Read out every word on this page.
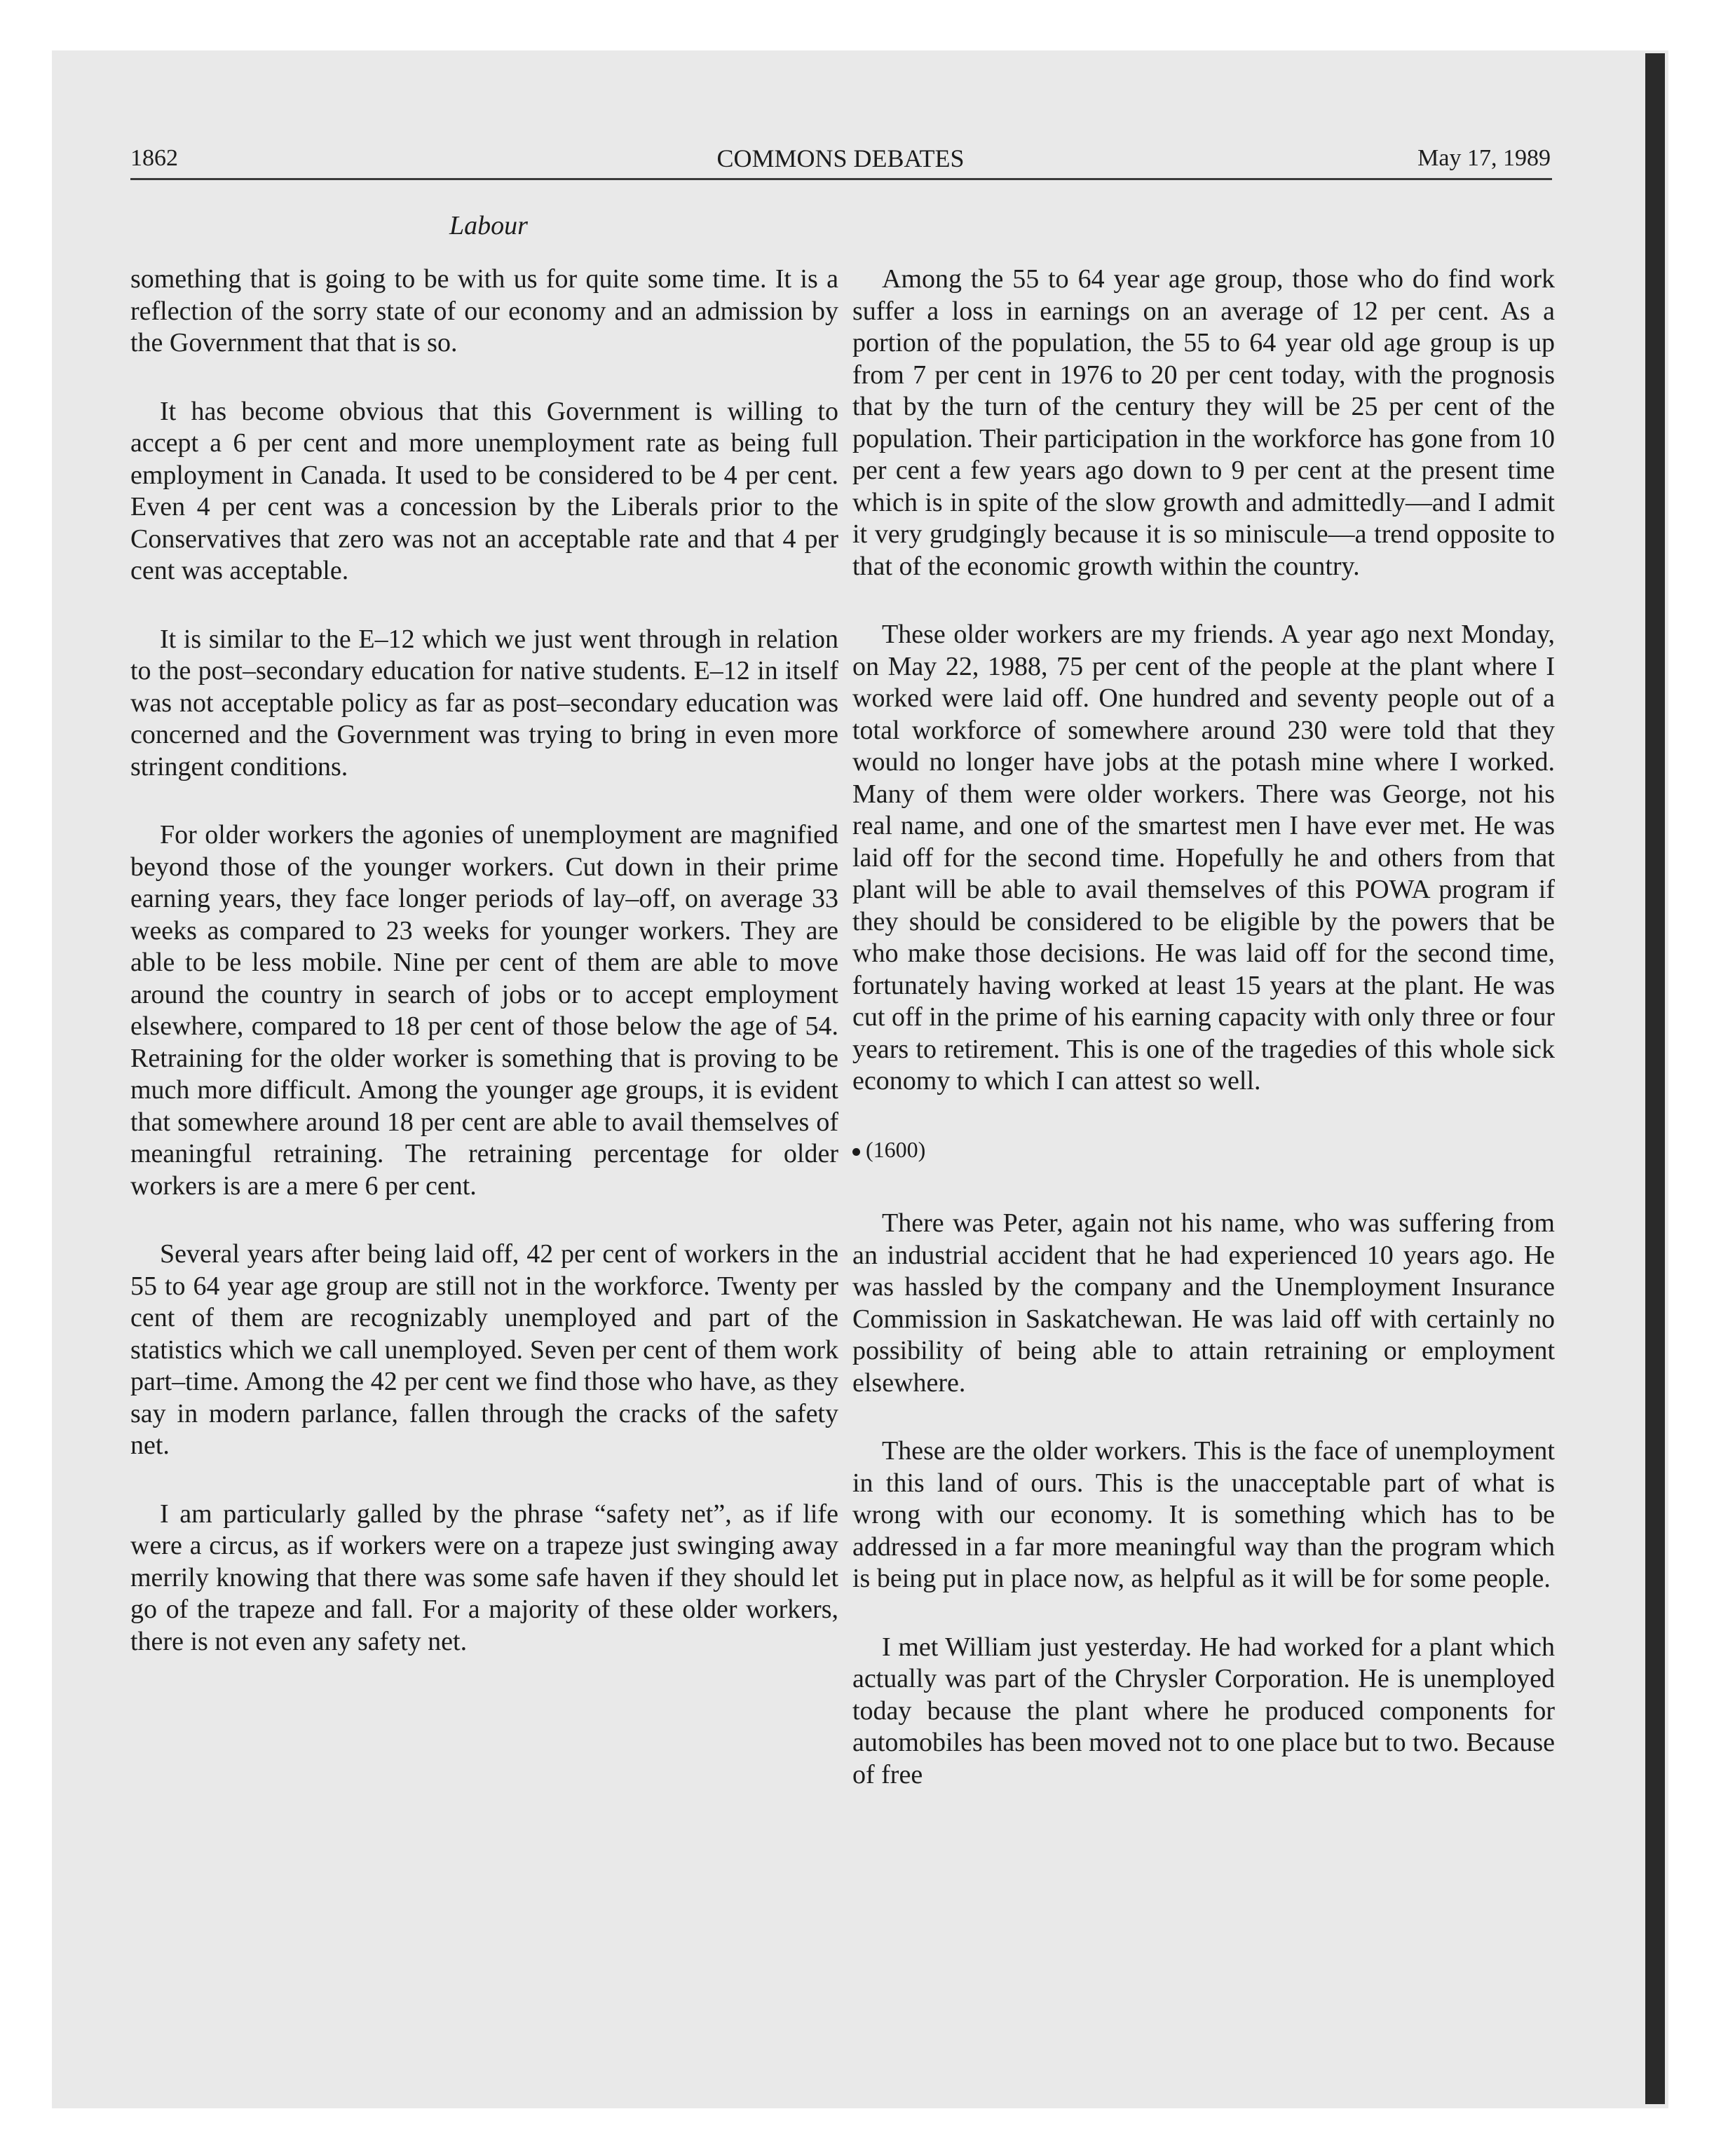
1862	COMMONS DEBATES	May 17, 1989
Labour

something that is going to be with us for quite some time. It is a reflection of the sorry state of our economy and an admission by the Government that that is so.

It has become obvious that this Government is willing to accept a 6 per cent and more unemployment rate as being full employment in Canada. It used to be considered to be 4 per cent. Even 4 per cent was a concession by the Liberals prior to the Conservatives that zero was not an acceptable rate and that 4 per cent was acceptable.

It is similar to the E–12 which we just went through in relation to the post–secondary education for native students. E–12 in itself was not acceptable policy as far as post–secondary education was concerned and the Government was trying to bring in even more stringent conditions.

For older workers the agonies of unemployment are magnified beyond those of the younger workers. Cut down in their prime earning years, they face longer periods of lay–off, on average 33 weeks as compared to 23 weeks for younger workers. They are able to be less mobile. Nine per cent of them are able to move around the country in search of jobs or to accept employment elsewhere, compared to 18 per cent of those below the age of 54. Retraining for the older worker is something that is proving to be much more difficult. Among the younger age groups, it is evident that somewhere around 18 per cent are able to avail themselves of meaningful retraining. The retraining percentage for older workers is are a mere 6 per cent.

Several years after being laid off, 42 per cent of workers in the 55 to 64 year age group are still not in the workforce. Twenty per cent of them are recognizably unemployed and part of the statistics which we call unemployed. Seven per cent of them work part–time. Among the 42 per cent we find those who have, as they say in modern parlance, fallen through the cracks of the safety net.

I am particularly galled by the phrase “safety net”, as if life were a circus, as if workers were on a trapeze just swinging away merrily knowing that there was some safe haven if they should let go of the trapeze and fall. For a majority of these older workers, there is not even any safety net.

Among the 55 to 64 year age group, those who do find work suffer a loss in earnings on an average of 12 per cent. As a portion of the population, the 55 to 64 year old age group is up from 7 per cent in 1976 to 20 per cent today, with the prognosis that by the turn of the century they will be 25 per cent of the population. Their participation in the workforce has gone from 10 per cent a few years ago down to 9 per cent at the present time which is in spite of the slow growth and admittedly—and I admit it very grudgingly because it is so miniscule—a trend opposite to that of the economic growth within the country.

These older workers are my friends. A year ago next Monday, on May 22, 1988, 75 per cent of the people at the plant where I worked were laid off. One hundred and seventy people out of a total workforce of somewhere around 230 were told that they would no longer have jobs at the potash mine where I worked. Many of them were older workers. There was George, not his real name, and one of the smartest men I have ever met. He was laid off for the second time. Hopefully he and others from that plant will be able to avail themselves of this POWA program if they should be considered to be eligible by the powers that be who make those decisions. He was laid off for the second time, fortunately having worked at least 15 years at the plant. He was cut off in the prime of his earning capacity with only three or four years to retirement. This is one of the tragedies of this whole sick economy to which I can attest so well.

(1600)

There was Peter, again not his name, who was suffering from an industrial accident that he had experienced 10 years ago. He was hassled by the company and the Unemployment Insurance Commission in Saskatchewan. He was laid off with certainly no possibility of being able to attain retraining or employment elsewhere.

These are the older workers. This is the face of unemployment in this land of ours. This is the unacceptable part of what is wrong with our economy. It is something which has to be addressed in a far more meaningful way than the program which is being put in place now, as helpful as it will be for some people.

I met William just yesterday. He had worked for a plant which actually was part of the Chrysler Corporation. He is unemployed today because the plant where he produced components for automobiles has been moved not to one place but to two. Because of free
